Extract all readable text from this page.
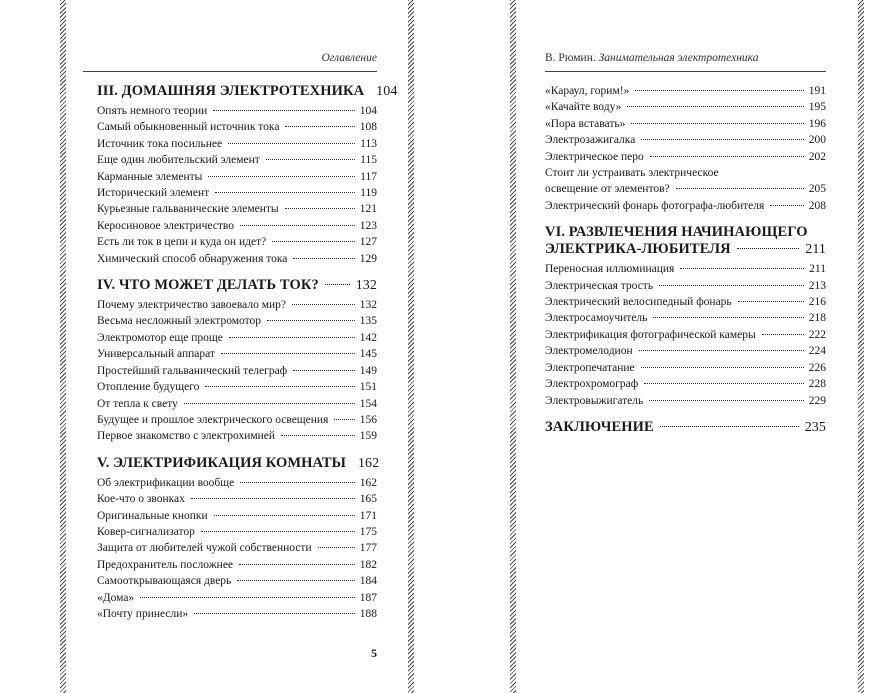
Оглавление
III. ДОМАШНЯЯ ЭЛЕКТРОТЕХНИКА 104
Опять немного теории	104
Самый обыкновенный источник тока	108
Источник тока посильнее	113
Еще один любительский элемент	115
Карманные элементы	117
Исторический элемент	119
Курьезные гальванические элементы	121
Керосиновое электричество	123
Есть ли ток в цепи и куда он идет?	127
Химический способ обнаружения тока	129
IV. ЧТО МОЖЕТ ДЕЛАТЬ ТОК?	132
Почему электричество завоевало мир?	132
Весьма несложный электромотор	135
Электромотор еще проще	142
Универсальный аппарат	145
Простейший гальванический телеграф	149
Отопление будущего	151
От тепла к свету	154
Будущее и прошлое электрического освещения	156
Первое знакомство с электрохимией	159
V. ЭЛЕКТРИФИКАЦИЯ КОМНАТЫ 162
Об электрификации вообще	162
Кое-что о звонках	165
Оригинальные кнопки	171
Ковер-сигнализатор	175
Защита от любителей чужой собственности	177
Предохранитель посложнее	182
Самооткрывающаяся дверь	184
«Дома»	187
«Почту принесли»	188
5
В. Рюмин. Занимательная электротехника
«Караул, горим!»	191
«Качайте воду»	195
«Пора вставать»	196
Электрозажигалка	200
Электрическое перо	202
Стоит ли устраивать электрическое
освещение от элементов?	205
Электрический фонарь фотографа-любителя	208
VI. РАЗВЛЕЧЕНИЯ НАЧИНАЮЩЕГО
ЭЛЕКТРИКА-ЛЮБИТЕЛЯ	211
Переносная иллюминация	211
Электрическая трость	213
Электрический велосипедный фонарь	216
Электросамоучитель	218
Электрификация фотографической камеры	222
Электромелодион	224
Электропечатание	226
Электрохромограф	228
Электровыжигатель	229
ЗАКЛЮЧЕНИЕ	235
